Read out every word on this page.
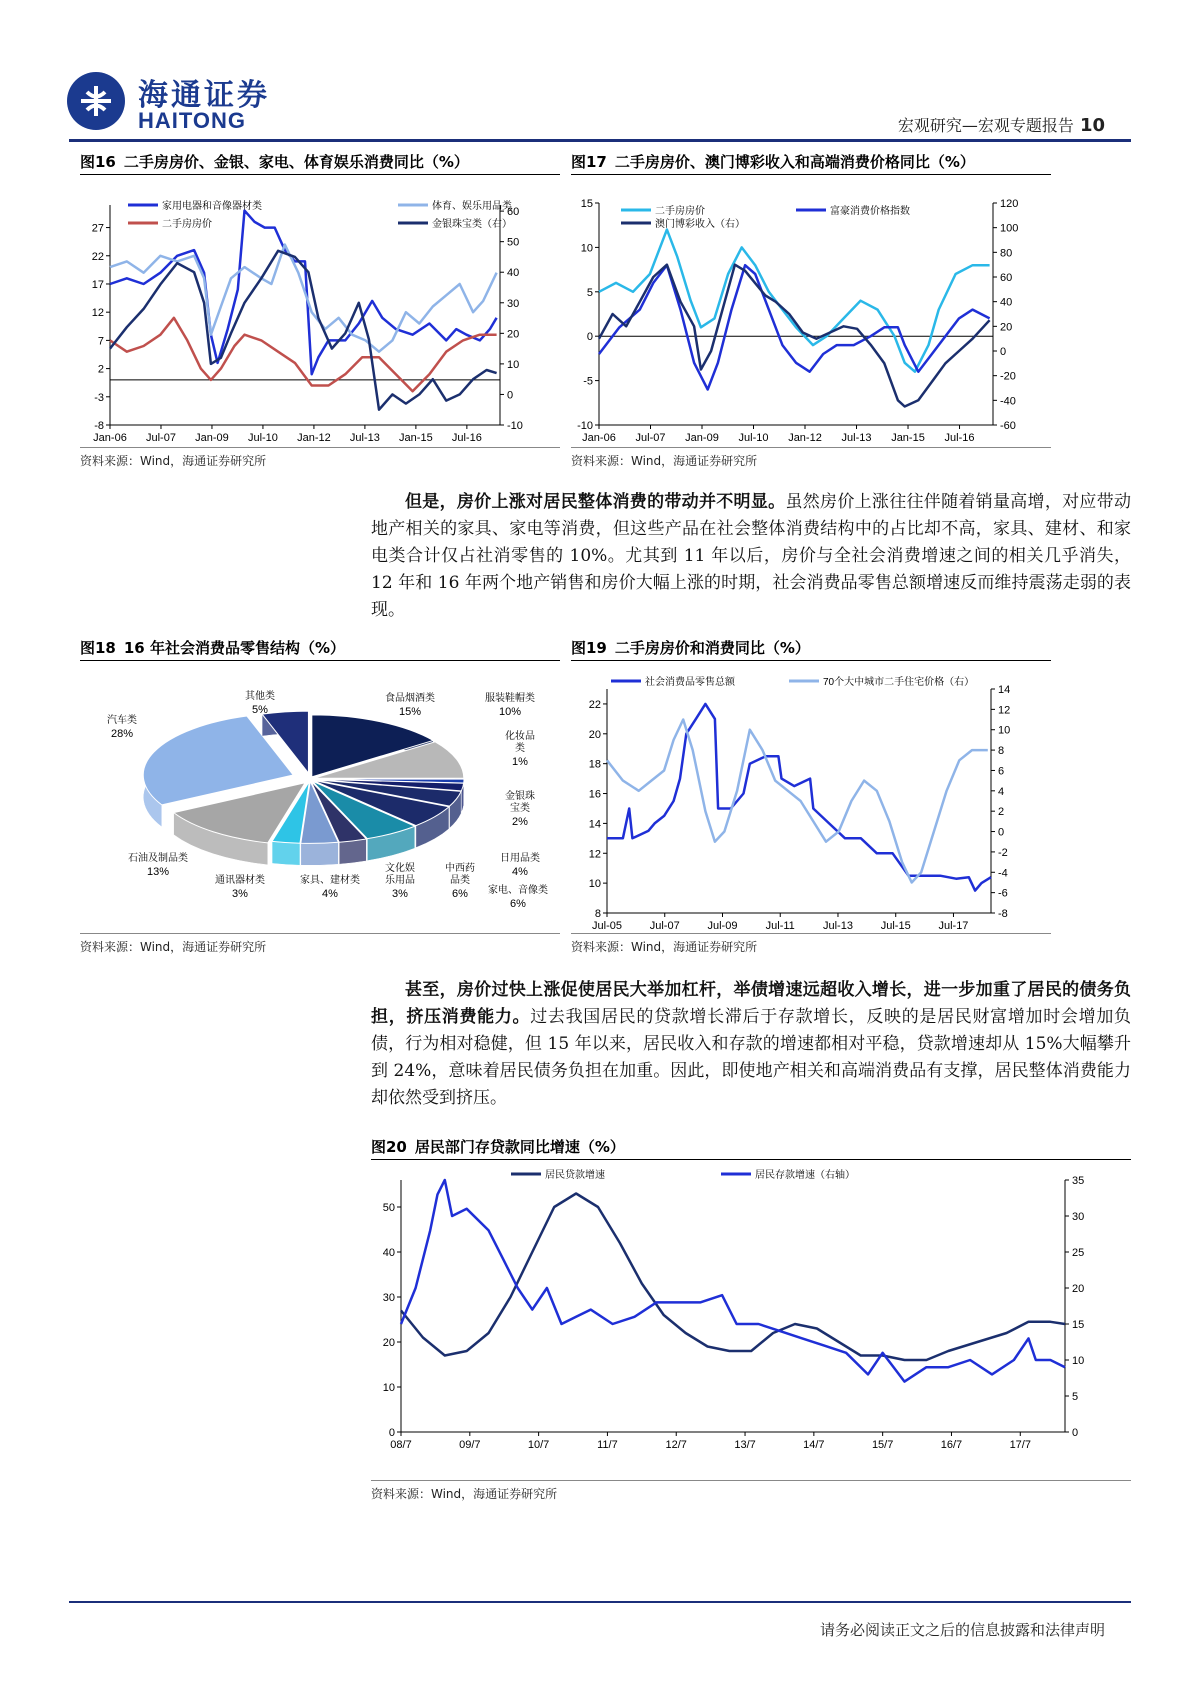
海通证券
HAITONG	宏观研究—宏观专题报告 10
图16 二手房房价、金银、家电、体育娱乐消费同比（%）
-8
-3
2
7
12
17
22
27
-10
0
10
20
30
40
50
60
Jan-06 Jul-07 Jan-09 Jul-10 Jan-12 Jul-13 Jan-15 Jul-16
家用电器和音像器材类	体育、娱乐用品类
二手房房价	金银珠宝类（右）
资料来源：Wind，海通证券研究所
图17 二手房房价、澳门博彩收入和高端消费价格同比（%）
-10
-5
0
5
10
15
-60
-40
-20
0
20
40
60
80
100
120
Jan-06 Jul-07 Jan-09 Jul-10 Jan-12 Jul-13 Jan-15 Jul-16
二手房房价	富豪消费价格指数
澳门博彩收入（右）
资料来源：Wind，海通证券研究所
但是，房价上涨对居民整体消费的带动并不明显。虽然房价上涨往往伴随着销量高增，对应带动地产相关的家具、家电等消费，但这些产品在社会整体消费结构中的占比却不高，家具、建材、和家电类合计仅占社消零售的 10%。尤其到 11 年以后，房价与全社会消费增速之间的相关几乎消失，12 年和 16 年两个地产销售和房价大幅上涨的时期，社会消费品零售总额增速反而维持震荡走弱的表现。
图18 16 年社会消费品零售结构（%）
食品烟酒类
15%
服装鞋帽类
10%
化妆品
类
1%
金银珠
宝类
2%
日用品类
4%
家电、音像类
6%
中西药
品类
6%
文化娱
乐用品
3%
家具、建材类
4%
通讯器材类
3%
石油及制品类
13%
汽车类
28%
其他类
5%
资料来源：Wind，海通证券研究所
图19 二手房房价和消费同比（%）
8
10
12
14
16
18
20
22
-8
-6
-4
-2
0
2
4
6
8
10
12
14
Jul-05	Jul-07	Jul-09	Jul-11	Jul-13	Jul-15	Jul-17
社会消费品零售总额	70个大中城市二手住宅价格（右）
资料来源：Wind，海通证券研究所
甚至，房价过快上涨促使居民大举加杠杆，举债增速远超收入增长，进一步加重了居民的债务负担，挤压消费能力。过去我国居民的贷款增长滞后于存款增长，反映的是居民财富增加时会增加负债，行为相对稳健，但 15 年以来，居民收入和存款的增速都相对平稳，贷款增速却从 15%大幅攀升到 24%，意味着居民债务负担在加重。因此，即使地产相关和高端消费品有支撑，居民整体消费能力却依然受到挤压。
图20 居民部门存贷款同比增速（%）
0
10
20
30
40
50
0
5
10
15
20
25
30
35
08/7	09/7	10/7	11/7	12/7	13/7	14/7	15/7	16/7	17/7
居民贷款增速	居民存款增速（右轴）
资料来源：Wind，海通证券研究所
请务必阅读正文之后的信息披露和法律声明
